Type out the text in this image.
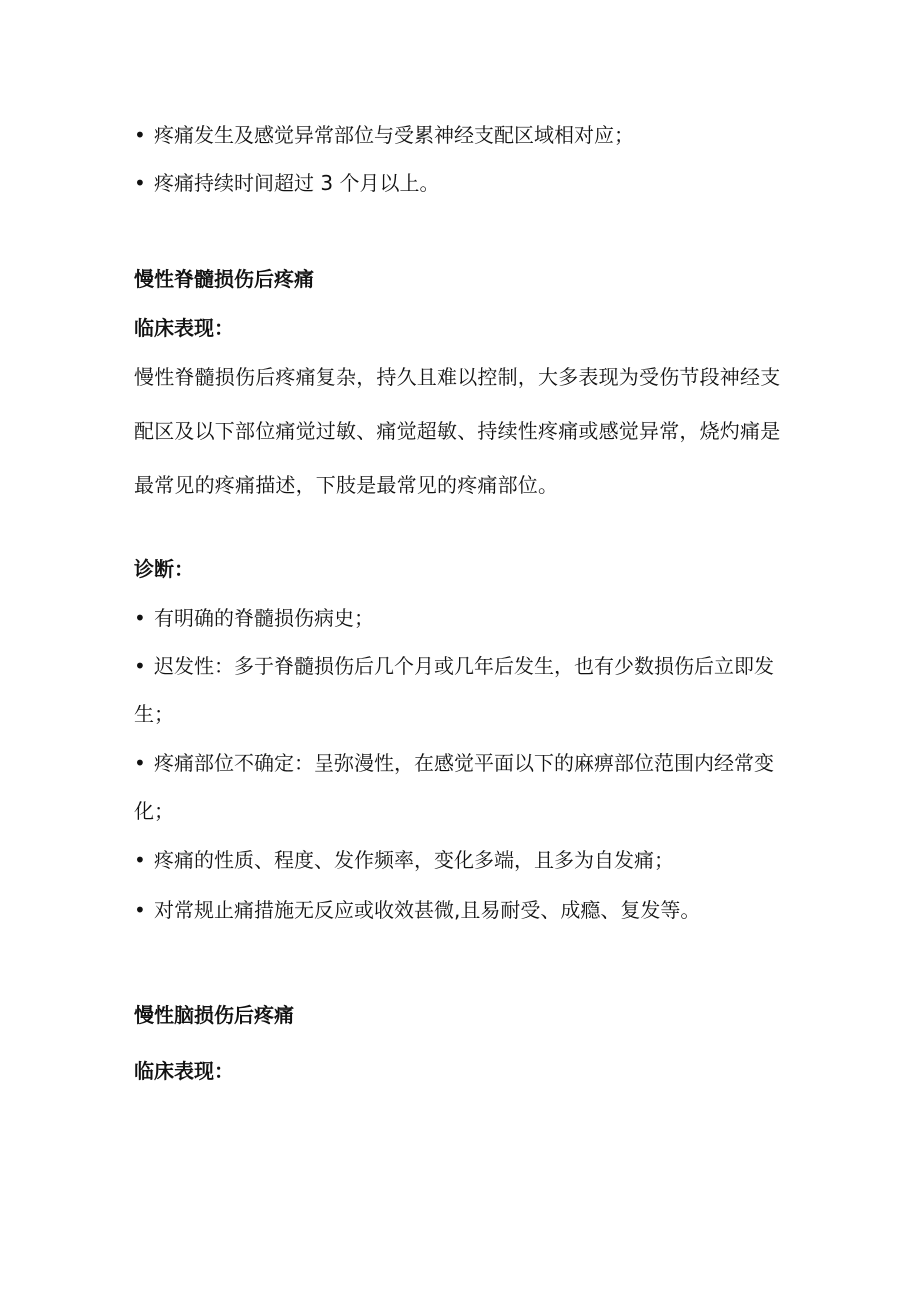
• 疼痛发生及感觉异常部位与受累神经支配区域相对应；
• 疼痛持续时间超过 3 个月以上。
慢性脊髓损伤后疼痛
临床表现：
慢性脊髓损伤后疼痛复杂，持久且难以控制，大多表现为受伤节段神经支配区及以下部位痛觉过敏、痛觉超敏、持续性疼痛或感觉异常，烧灼痛是最常见的疼痛描述，下肢是最常见的疼痛部位。
诊断：
• 有明确的脊髓损伤病史；
• 迟发性：多于脊髓损伤后几个月或几年后发生，也有少数损伤后立即发生；
• 疼痛部位不确定：呈弥漫性，在感觉平面以下的麻痹部位范围内经常变化；
• 疼痛的性质、程度、发作频率，变化多端，且多为自发痛；
• 对常规止痛措施无反应或收效甚微,且易耐受、成瘾、复发等。
慢性脑损伤后疼痛
临床表现：
